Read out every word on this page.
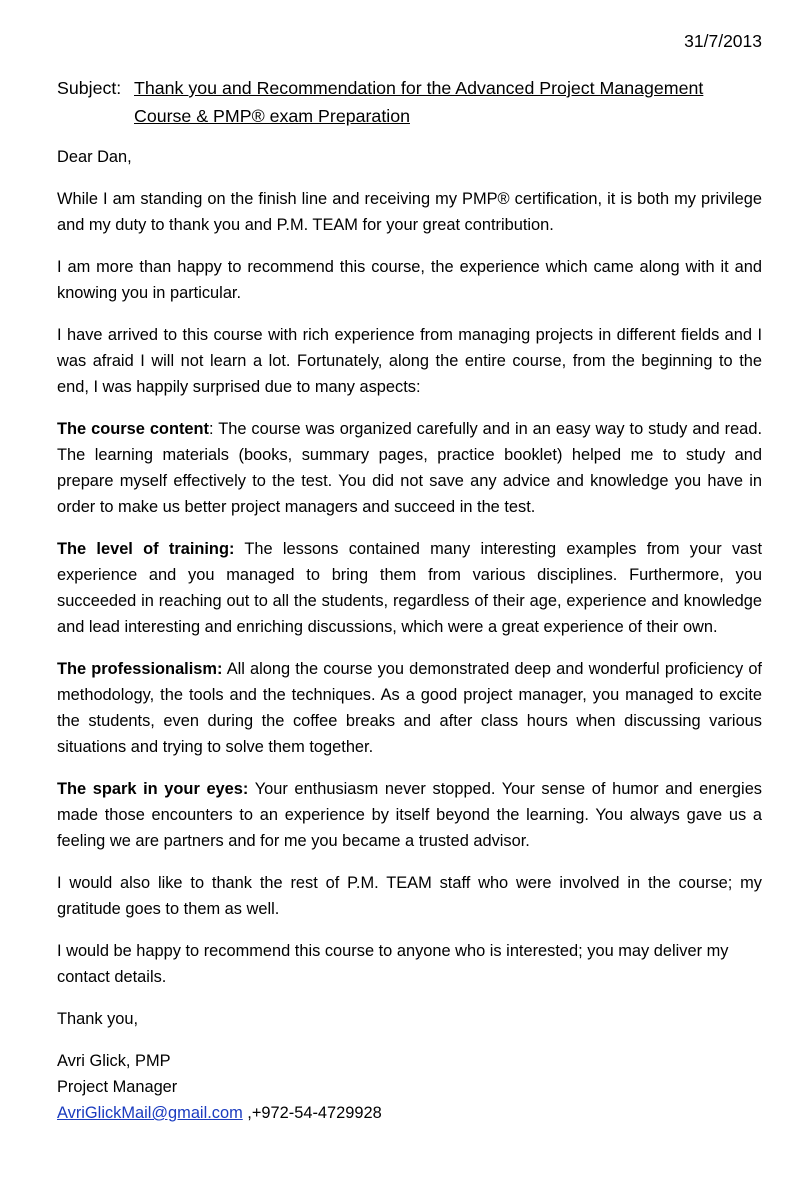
31/7/2013
Subject: Thank you and Recommendation for the Advanced Project Management Course & PMP® exam Preparation

Dear Dan,

While I am standing on the finish line and receiving my PMP® certification, it is both my privilege and my duty to thank you and P.M. TEAM for your great contribution.

I am more than happy to recommend this course, the experience which came along with it and knowing you in particular.

I have arrived to this course with rich experience from managing projects in different fields and I was afraid I will not learn a lot. Fortunately, along the entire course, from the beginning to the end, I was happily surprised due to many aspects:

The course content: The course was organized carefully and in an easy way to study and read. The learning materials (books, summary pages, practice booklet) helped me to study and prepare myself effectively to the test. You did not save any advice and knowledge you have in order to make us better project managers and succeed in the test.

The level of training: The lessons contained many interesting examples from your vast experience and you managed to bring them from various disciplines. Furthermore, you succeeded in reaching out to all the students, regardless of their age, experience and knowledge and lead interesting and enriching discussions, which were a great experience of their own.

The professionalism: All along the course you demonstrated deep and wonderful proficiency of methodology, the tools and the techniques. As a good project manager, you managed to excite the students, even during the coffee breaks and after class hours when discussing various situations and trying to solve them together.

The spark in your eyes: Your enthusiasm never stopped. Your sense of humor and energies made those encounters to an experience by itself beyond the learning. You always gave us a feeling we are partners and for me you became a trusted advisor.

I would also like to thank the rest of P.M. TEAM staff who were involved in the course; my gratitude goes to them as well.

I would be happy to recommend this course to anyone who is interested; you may deliver my contact details.

Thank you,

Avri Glick, PMP
Project Manager
AvriGlickMail@gmail.com ,+972-54-4729928
